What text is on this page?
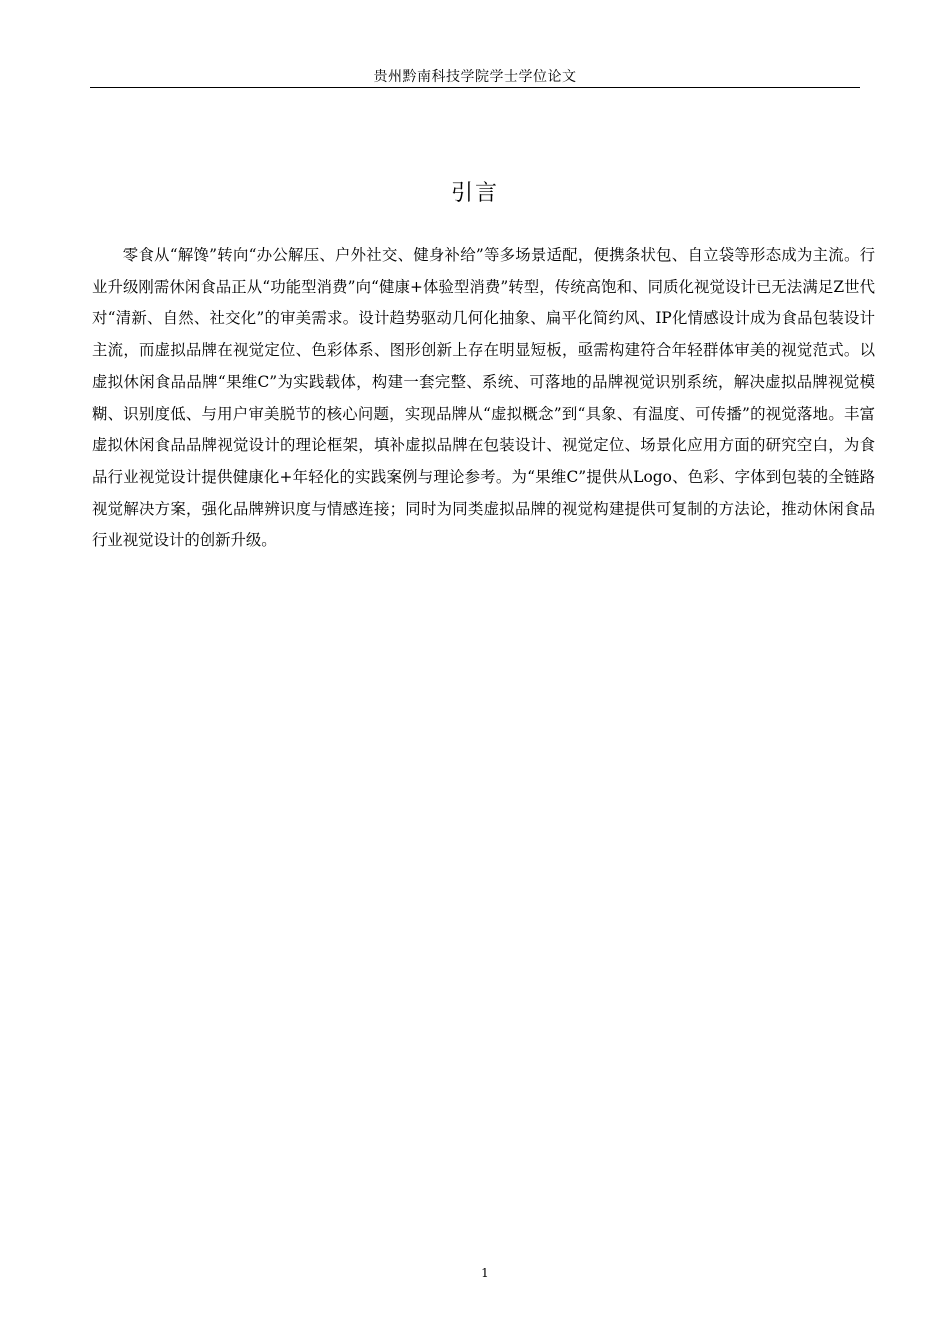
贵州黔南科技学院学士学位论文
引言

零食从“解馋”转向“办公解压、户外社交、健身补给”等多场景适配，便携条状包、自立袋等形态成为主流。行业升级刚需休闲食品正从“功能型消费”向“健康+体验型消费”转型，传统高饱和、同质化视觉设计已无法满足Z世代对“清新、自然、社交化”的审美需求。设计趋势驱动几何化抽象、扁平化简约风、IP化情感设计成为食品包装设计主流，而虚拟品牌在视觉定位、色彩体系、图形创新上存在明显短板，亟需构建符合年轻群体审美的视觉范式。以虚拟休闲食品品牌“果维C”为实践载体，构建一套完整、系统、可落地的品牌视觉识别系统，解决虚拟品牌视觉模糊、识别度低、与用户审美脱节的核心问题，实现品牌从“虚拟概念”到“具象、有温度、可传播”的视觉落地。丰富虚拟休闲食品品牌视觉设计的理论框架，填补虚拟品牌在包装设计、视觉定位、场景化应用方面的研究空白，为食品行业视觉设计提供健康化+年轻化的实践案例与理论参考。为“果维C”提供从Logo、色彩、字体到包装的全链路视觉解决方案，强化品牌辨识度与情感连接；同时为同类虚拟品牌的视觉构建提供可复制的方法论，推动休闲食品行业视觉设计的创新升级。

1
